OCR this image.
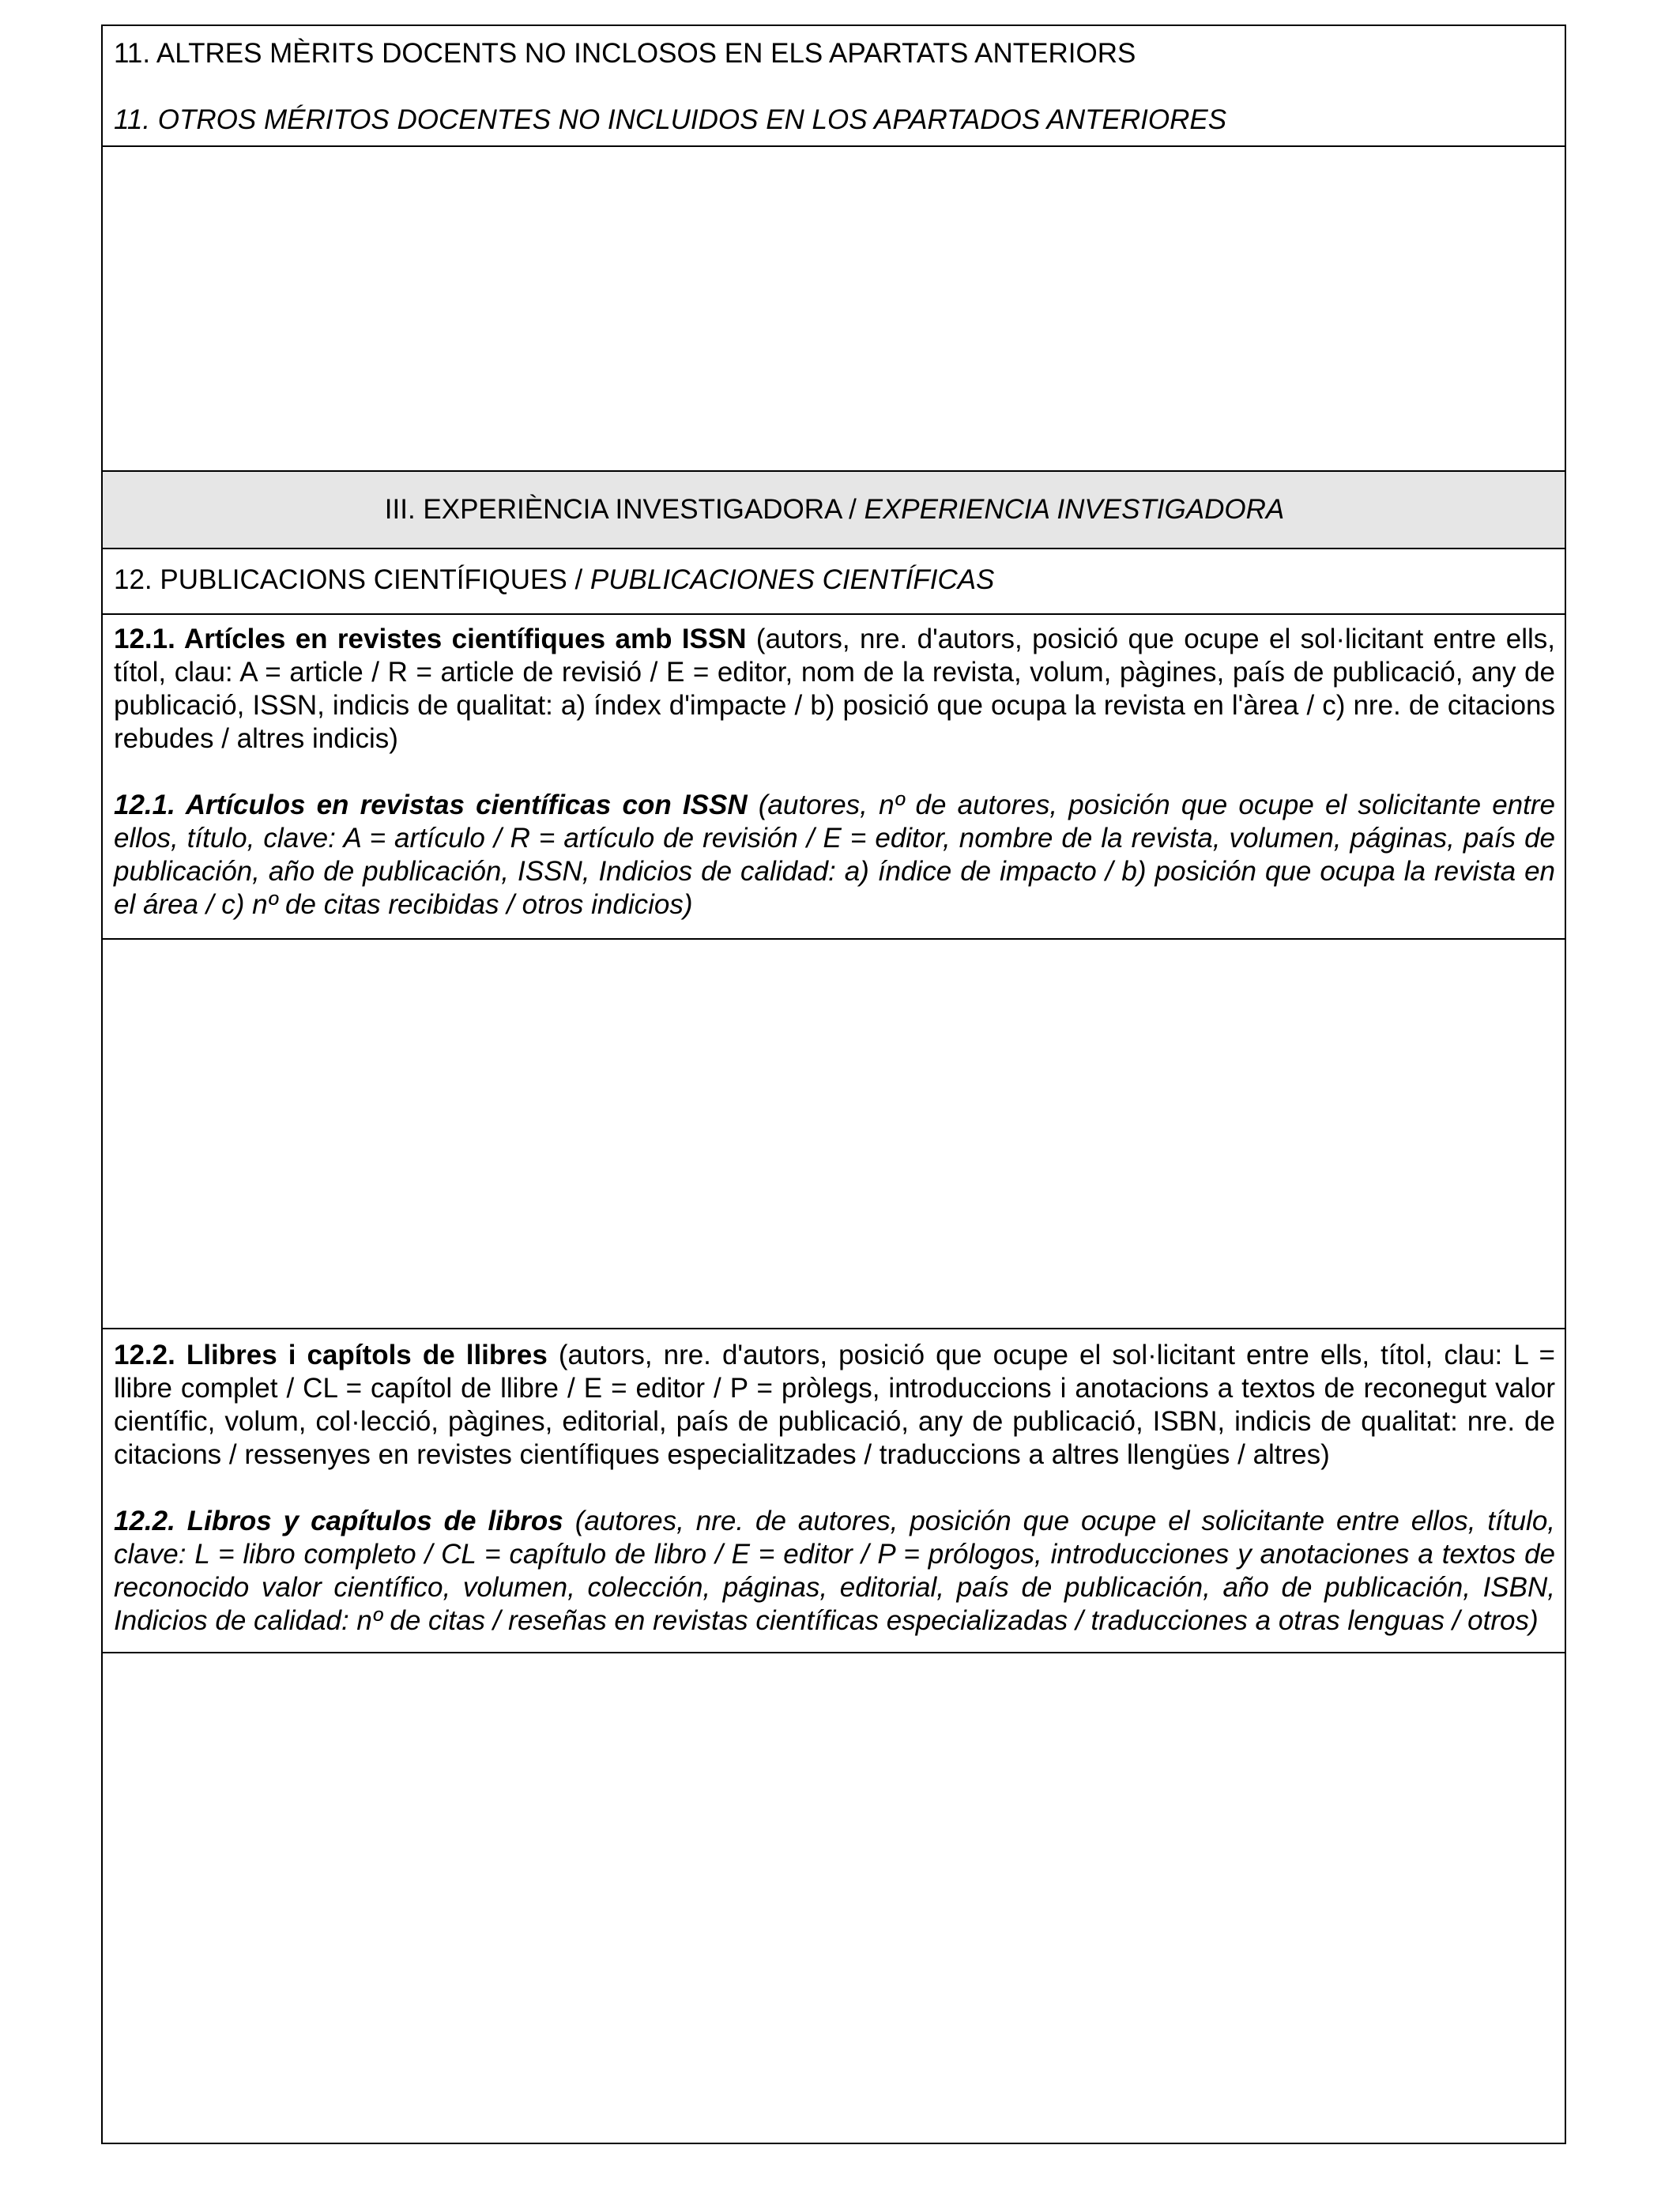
11. ALTRES MÈRITS DOCENTS NO INCLOSOS EN ELS APARTATS ANTERIORS

11. OTROS MÉRITOS DOCENTES NO INCLUIDOS EN LOS APARTADOS ANTERIORES

III. EXPERIÈNCIA INVESTIGADORA / EXPERIENCIA INVESTIGADORA
12. PUBLICACIONS CIENTÍFIQUES / PUBLICACIONES CIENTÍFICAS

12.1. Artícles en revistes científiques amb ISSN (autors, nre. d'autors, posició que ocupe el sol·licitant entre ells, títol, clau: A = article / R = article de revisió / E = editor, nom de la revista, volum, pàgines, país de publicació, any de publicació, ISSN, indicis de qualitat: a) índex d'impacte / b) posició que ocupa la revista en l'àrea / c) nre. de citacions rebudes / altres indicis)

12.1. Artículos en revistas científicas con ISSN (autores, nº de autores, posición que ocupe el solicitante entre ellos, título, clave: A = artículo / R = artículo de revisión / E = editor, nombre de la revista, volumen, páginas, país de publicación, año de publicación, ISSN, Indicios de calidad: a) índice de impacto / b) posición que ocupa la revista en el área / c) nº de citas recibidas / otros indicios)

12.2. Llibres i capítols de llibres (autors, nre. d'autors, posició que ocupe el sol·licitant entre ells, títol, clau: L = llibre complet / CL = capítol de llibre / E = editor / P = pròlegs, introduccions i anotacions a textos de reconegut valor científic, volum, col·lecció, pàgines, editorial, país de publicació, any de publicació, ISBN, indicis de qualitat: nre. de citacions / ressenyes en revistes científiques especialitzades / traduccions a altres llengües / altres)

12.2. Libros y capítulos de libros (autores, nre. de autores, posición que ocupe el solicitante entre ellos, título, clave: L = libro completo / CL = capítulo de libro / E = editor / P = prólogos, introducciones y anotaciones a textos de reconocido valor científico, volumen, colección, páginas, editorial, país de publicación, año de publicación, ISBN, Indicios de calidad: nº de citas / reseñas en revistas científicas especializadas / traducciones a otras lenguas / otros)
